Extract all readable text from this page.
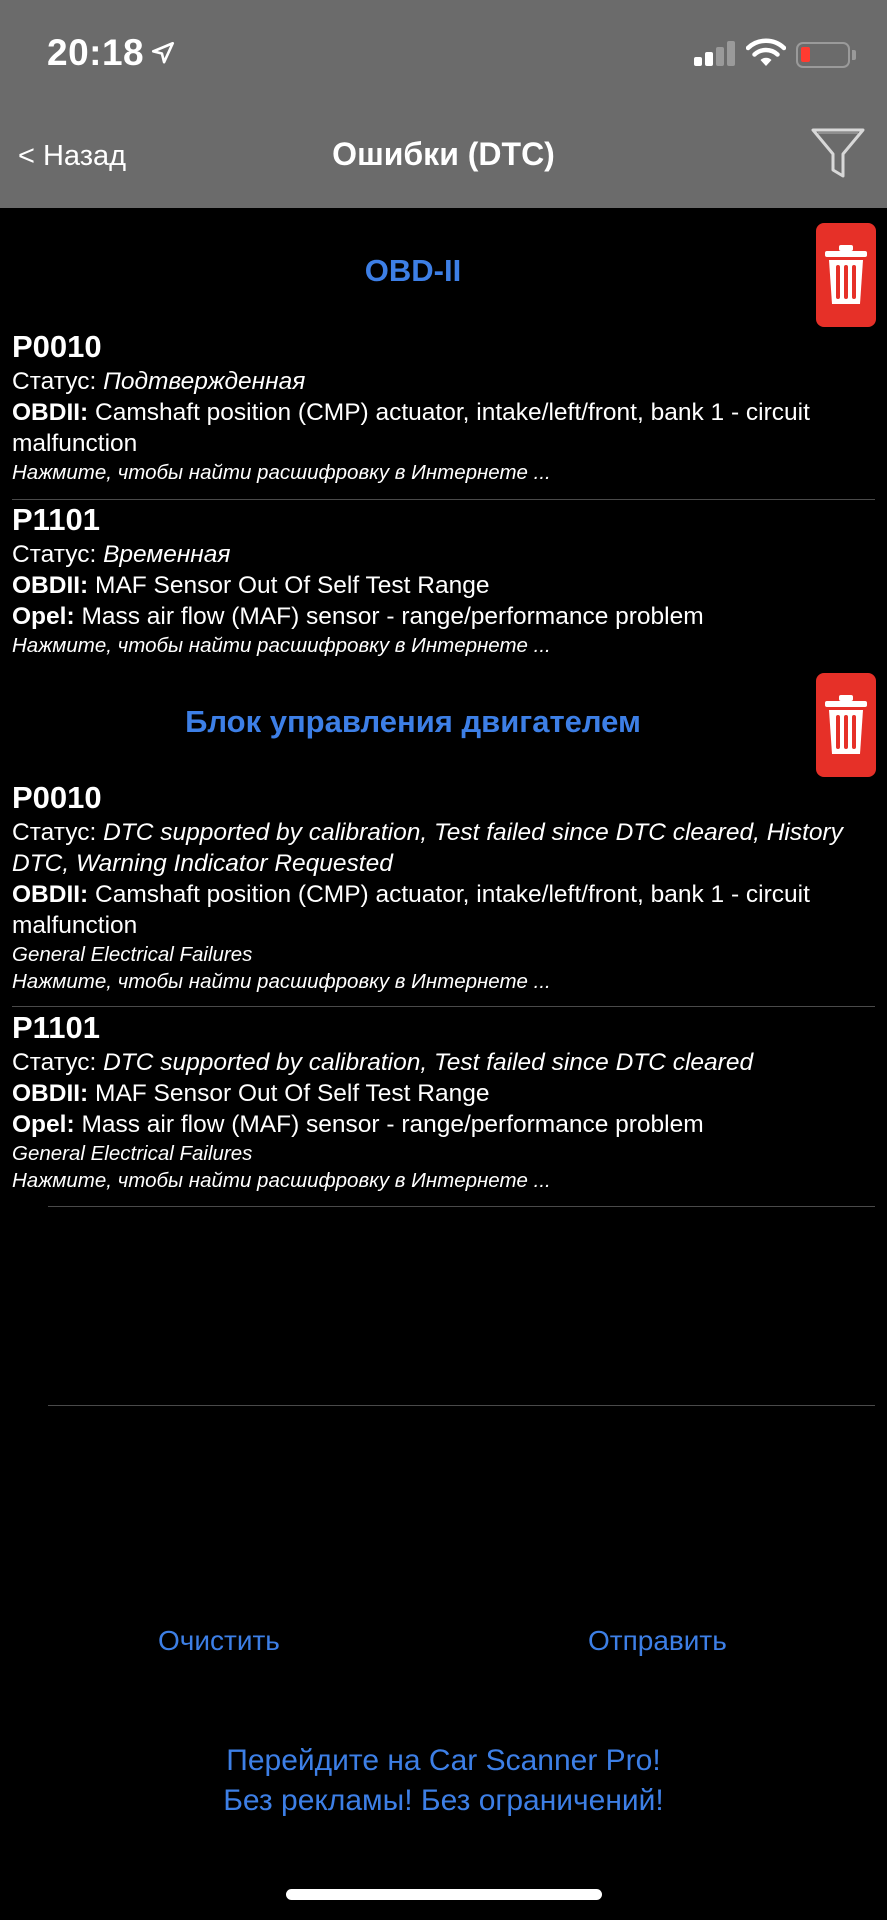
20:18
< Назад	Ошибки (DTC)
OBD-II
P0010
Статус: Подтвержденная
OBDII: Camshaft position (CMP) actuator, intake/left/front, bank 1 - circuit malfunction
Нажмите, чтобы найти расшифровку в Интернете ...
P1101
Статус: Временная
OBDII: MAF Sensor Out Of Self Test Range
Opel: Mass air flow (MAF) sensor - range/performance problem
Нажмите, чтобы найти расшифровку в Интернете ...
Блок управления двигателем
P0010
Статус: DTC supported by calibration, Test failed since DTC cleared, History DTC, Warning Indicator Requested
OBDII: Camshaft position (CMP) actuator, intake/left/front, bank 1 - circuit malfunction
General Electrical Failures
Нажмите, чтобы найти расшифровку в Интернете ...
P1101
Статус: DTC supported by calibration, Test failed since DTC cleared
OBDII: MAF Sensor Out Of Self Test Range
Opel: Mass air flow (MAF) sensor - range/performance problem
General Electrical Failures
Нажмите, чтобы найти расшифровку в Интернете ...
Очистить	Отправить
Перейдите на Car Scanner Pro!
Без рекламы! Без ограничений!
